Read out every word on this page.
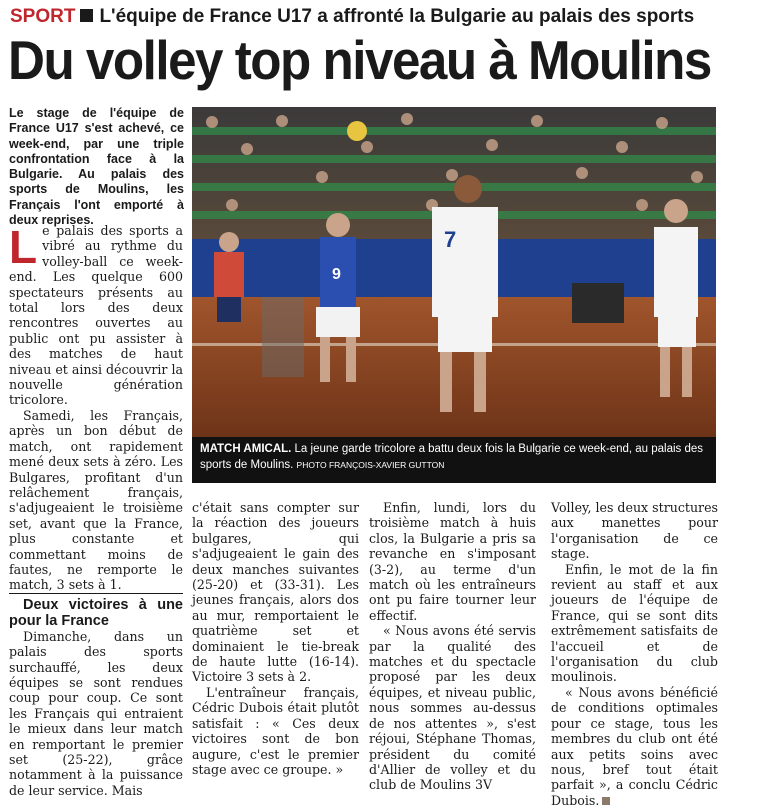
SPORT L'équipe de France U17 a affronté la Bulgarie au palais des sports
Du volley top niveau à Moulins
Le stage de l'équipe de France U17 s'est achevé, ce week-end, par une triple confrontation face à la Bulgarie. Au palais des sports de Moulins, les Français l'ont emporté à deux reprises.
9
7
MATCH AMICAL. La jeune garde tricolore a battu deux fois la Bulgarie ce week-end, au palais des sports de Moulins. PHOTO FRANÇOIS-XAVIER GUTTON

Le palais des sports a vibré au rythme du volley-ball ce week-end. Les quelque 600 spectateurs présents au total lors des deux rencontres ouvertes au public ont pu assister à des matches de haut niveau et ainsi découvrir la nouvelle génération tricolore.

Samedi, les Français, après un bon début de match, ont rapidement mené deux sets à zéro. Les Bulgares, profitant d'un relâchement français, s'adjugeaient le troisième set, avant que la France, plus constante et commettant moins de fautes, ne remporte le match, 3 sets à 1.

Deux victoires à une pour la France

Dimanche, dans un palais des sports surchauffé, les deux équipes se sont rendues coup pour coup. Ce sont les Français qui entraient le mieux dans leur match en remportant le premier set (25-22), grâce notamment à la puissance de leur service. Mais

c'était sans compter sur la réaction des joueurs bulgares, qui s'adjugeaient le gain des deux manches suivantes (25-20) et (33-31). Les jeunes français, alors dos au mur, remportaient le quatrième set et dominaient le tie-break de haute lutte (16-14). Victoire 3 sets à 2.

L'entraîneur français, Cédric Dubois était plutôt satisfait : « Ces deux victoires sont de bon augure, c'est le premier stage avec ce groupe. »

Enfin, lundi, lors du troisième match à huis clos, la Bulgarie a pris sa revanche en s'imposant (3-2), au terme d'un match où les entraîneurs ont pu faire tourner leur effectif.

« Nous avons été servis par la qualité des matches et du spectacle proposé par les deux équipes, et niveau public, nous sommes au-dessus de nos attentes », s'est réjoui, Stéphane Thomas, président du comité d'Allier de volley et du club de Moulins 3V

Volley, les deux structures aux manettes pour l'organisation de ce stage.

Enfin, le mot de la fin revient au staff et aux joueurs de l'équipe de France, qui se sont dits extrêmement satisfaits de l'accueil et de l'organisation du club moulinois.

« Nous avons bénéficié de conditions optimales pour ce stage, tous les membres du club ont été aux petits soins avec nous, bref tout était parfait », a conclu Cédric Dubois.
